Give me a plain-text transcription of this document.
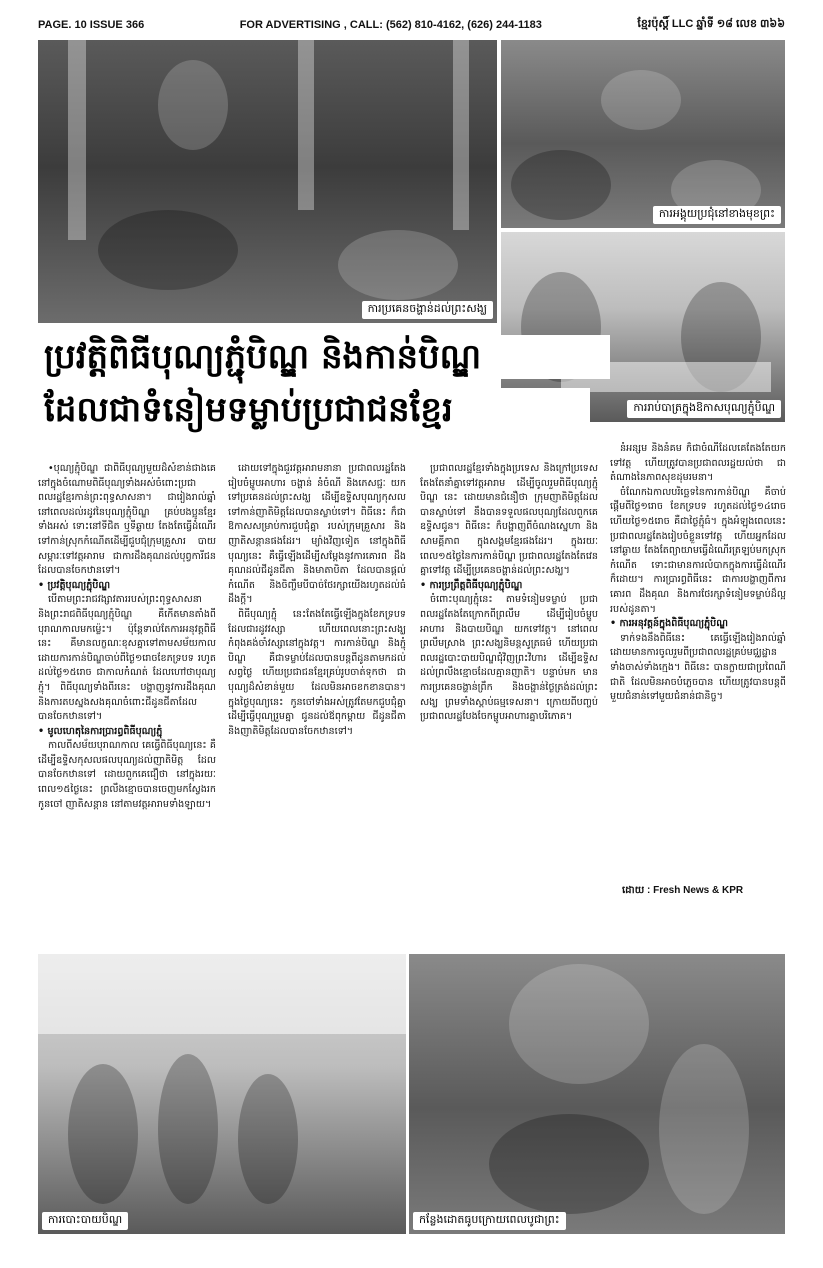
PAGE. 10 ISSUE 366	FOR ADVERTISING , CALL: (562) 810-4162, (626) 244-1183	ខ្មែរប៉ុស្តិ៍ LLC ឆ្នាំទី ១៨ លេខ ៣៦៦
ការប្រគេនចង្ហាន់ដល់ព្រះសង្ឃ
ការអង្គុយប្រជុំនៅខាងមុខព្រះ
ការរាប់បាត្រក្នុងឱកាសបុណ្យភ្ជុំបិណ្ឌ
ប្រវត្តិពិធីបុណ្យភ្ជុំបិណ្ឌ និងកាន់បិណ្ឌ
ដែលជាទំនៀមទម្លាប់ប្រជាជនខ្មែរ

•បុណ្យភ្ជុំបិណ្ឌ ជាពិធីបុណ្យមួយដ៏សំខាន់ជាងគេ នៅក្នុងចំណោមពិធីបុណ្យទាំងអស់ចំពោះប្រជាពលរដ្ឋខ្មែរកាន់ព្រះពុទ្ធសាសនា។ ជារៀងរាល់ឆ្នាំ នៅពេលដល់រដូវនៃបុណ្យភ្ជុំបិណ្ឌ គ្រប់បងប្អូនខ្មែរទាំងអស់ ទោះនៅទីជិត ឬទីឆ្ងាយ តែងតែធ្វើដំណើរទៅកាន់ស្រុកកំណើតដើម្បីជួបជុំក្រុមគ្រួសារ បាយសម្ភារៈទៅវត្តអារាម ជាការដឹងគុណដល់បុព្វការីជនដែលបានចែកឋានទៅ។

• ប្រវត្តិបុណ្យភ្ជុំបិណ្ឌ

បើតាមព្រះរាជវង្សាវតាររបស់ព្រះពុទ្ធសាសនា និងព្រះរាជពិធីបុណ្យភ្ជុំបិណ្ឌ គឺកើតមានតាំងពីបុរាណកាលមកម្ល៉េះ។ ប៉ុន្តែទាល់តែការអនុវត្តពិធីនេះ គឺមានលក្ខណៈខុសគ្នាទៅតាមសម័យកាល ដោយការកាន់បិណ្ឌចាប់ពីថ្ងៃ១រោចខែភទ្របទ រហូតដល់ថ្ងៃ១៥រោច ជាកាលកំណត់ ដែលហៅថាបុណ្យភ្ជុំ។ ពិធីបុណ្យទាំងពីរនេះ បង្ហាញនូវការដឹងគុណ និងការតបស្នងសងគុណចំពោះជីដូនជីតាដែលបានចែកឋានទៅ។

• មូលហេតុនៃការប្រារព្ធពិធីបុណ្យភ្ជុំ

កាលពីសម័យបុរាណកាល គេធ្វើពិធីបុណ្យនេះ គឺដើម្បីឧទ្ទិសកុសលផលបុណ្យដល់ញាតិមិត្ត ដែលបានចែកឋានទៅ ដោយពួកគេជឿថា នៅក្នុងរយៈពេល១៥ថ្ងៃនេះ ព្រលឹងខ្មោចបានចេញមកស្វែងរកកូនចៅ ញាតិសន្តាន នៅតាមវត្តអារាមទាំងឡាយ។

ដោយទៅក្នុងជួរវត្តអារាមនានា ប្រជាពលរដ្ឋតែងរៀបចំម្ហូបអាហារ ចង្ហាន់ នំចំណី និងភេសជ្ជៈ យកទៅប្រគេនដល់ព្រះសង្ឃ ដើម្បីឧទ្ទិសបុណ្យកុសលទៅកាន់ញាតិមិត្តដែលបានស្លាប់ទៅ។ ពិធីនេះ ក៏ជាឱកាសសម្រាប់ការជួបជុំគ្នា របស់ក្រុមគ្រួសារ និងញាតិសន្តានផងដែរ។ ម្យ៉ាងវិញទៀត នៅក្នុងពិធីបុណ្យនេះ គឺធ្វើឡើងដើម្បីសម្តែងនូវការគោរព ដឹងគុណដល់ជីដូនជីតា និងមាតាបិតា ដែលបានផ្តល់កំណើត និងចិញ្ចឹមបីបាច់ថែរក្សាយើងរហូតដល់ធំដឹងក្តី។

ពិធីបុណ្យភ្ជុំ នេះតែងតែធ្វើឡើងក្នុងខែភទ្របទ ដែលជារដូវវស្សា ហើយពេលនោះព្រះសង្ឃកំពុងគង់ចាំវស្សានៅក្នុងវត្ត។ ការកាន់បិណ្ឌ និងភ្ជុំបិណ្ឌ គឺជាទម្លាប់ដែលបានបន្តពីដូនតាមកដល់សព្វថ្ងៃ ហើយប្រជាជនខ្មែរគ្រប់រូបចាត់ទុកថា ជាបុណ្យដ៏សំខាន់មួយ ដែលមិនអាចខកខានបាន។ ក្នុងថ្ងៃបុណ្យនេះ កូនចៅទាំងអស់ត្រូវតែមកជួបជុំគ្នា ដើម្បីធ្វើបុណ្យរួមគ្នា ជូនដល់ឪពុកម្តាយ ជីដូនជីតា និងញាតិមិត្តដែលបានចែកឋានទៅ។

ប្រជាពលរដ្ឋខ្មែរទាំងក្នុងប្រទេស និងក្រៅប្រទេស តែងតែនាំគ្នាទៅវត្តអារាម ដើម្បីចូលរួមពិធីបុណ្យភ្ជុំបិណ្ឌ នេះ ដោយមានជំនឿថា ក្រុមញាតិមិត្តដែលបានស្លាប់ទៅ នឹងបានទទួលផលបុណ្យដែលពួកគេឧទ្ទិសជូន។ ពិធីនេះ ក៏បង្ហាញពីចំណងស្នេហា និងសាមគ្គីភាព ក្នុងសង្គមខ្មែរផងដែរ។ ក្នុងរយៈពេល១៥ថ្ងៃនៃការកាន់បិណ្ឌ ប្រជាពលរដ្ឋតែងតែវេនគ្នាទៅវត្ត ដើម្បីប្រគេនចង្ហាន់ដល់ព្រះសង្ឃ។

• ការប្រព្រឹត្តពិធីបុណ្យភ្ជុំបិណ្ឌ

ចំពោះបុណ្យភ្ជុំនេះ តាមទំនៀមទម្លាប់ ប្រជាពលរដ្ឋតែងតែក្រោកពីព្រលឹម ដើម្បីរៀបចំម្ហូបអាហារ និងបាយបិណ្ឌ យកទៅវត្ត។ នៅពេលព្រលឹមស្រាង ព្រះសង្ឃនិមន្តសូត្រធម៌ ហើយប្រជាពលរដ្ឋបោះបាយបិណ្ឌជុំវិញព្រះវិហារ ដើម្បីឧទ្ទិសដល់ព្រលឹងខ្មោចដែលគ្មានញាតិ។ បន្ទាប់មក មានការប្រគេនចង្ហាន់ព្រឹក និងចង្ហាន់ថ្ងៃត្រង់ដល់ព្រះសង្ឃ ព្រមទាំងស្តាប់ធម្មទេសនា។ ក្រោយពីបញ្ចប់ ប្រជាពលរដ្ឋបែងចែកម្ហូបអាហារគ្នាបរិភោគ។

នំអន្សម និងនំគម ក៏ជាចំណីដែលគេតែងតែយកទៅវត្ត ហើយត្រូវបានប្រជាពលរដ្ឋយល់ថា ជាតំណាងនៃភាពសុខដុមរមនា។

ចំណែកឯកាលបរិច្ឆេទនៃការកាន់បិណ្ឌ គឺចាប់ផ្តើមពីថ្ងៃ១រោច ខែភទ្របទ រហូតដល់ថ្ងៃ១៤រោច ហើយថ្ងៃ១៥រោច គឺជាថ្ងៃភ្ជុំធំ។ ក្នុងអំឡុងពេលនេះ ប្រជាពលរដ្ឋតែងរៀបចំខ្លួនទៅវត្ត ហើយអ្នកដែលនៅឆ្ងាយ តែងតែព្យាយាមធ្វើដំណើរត្រឡប់មកស្រុកកំណើត ទោះជាមានការលំបាកក្នុងការធ្វើដំណើរក៏ដោយ។ ការប្រារព្ធពិធីនេះ ជាការបង្ហាញពីការគោរព ដឹងគុណ និងការថែរក្សាទំនៀមទម្លាប់ដ៏ល្អរបស់ដូនតា។

• ការអនុវត្តន៍ក្នុងពិធីបុណ្យភ្ជុំបិណ្ឌ

ទាក់ទងនឹងពិធីនេះ គេធ្វើឡើងរៀងរាល់ឆ្នាំ ដោយមានការចូលរួមពីប្រជាពលរដ្ឋគ្រប់មជ្ឈដ្ឋាន ទាំងចាស់ទាំងក្មេង។ ពិធីនេះ បានក្លាយជាប្រពៃណីជាតិ ដែលមិនអាចបំភ្លេចបាន ហើយត្រូវបានបន្តពីមួយជំនាន់ទៅមួយជំនាន់ជានិច្ច។

ដោយ : Fresh News & KPR
ការបោះបាយបិណ្ឌ	កន្លែងដោតធូបក្រោយពេលបូជាព្រះ
